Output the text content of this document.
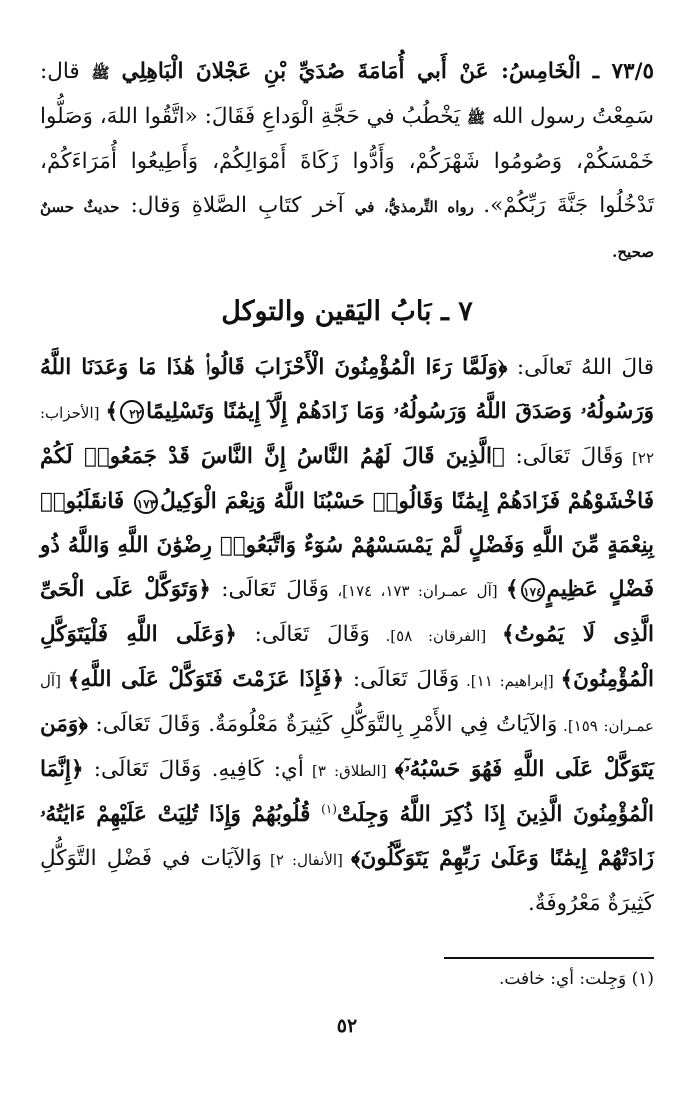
٧٣/٥ ـ الْخَامِسُ: عَنْ أَبي أُمَامَةَ صُدَيِّ بْنِ عَجْلانَ الْبَاهِلِي ﷺ قال: سَمِعْتُ رسول الله ﷺ يَخْطُبُ في حَجَّةِ الْوَداعِ فَقَالَ: «اتَّقُوا اللهَ، وَصَلُّوا خَمْسَكُمْ، وَصُومُوا شَهْرَكُمْ، وَأَدُّوا زَكَاةَ أَمْوَالِكُمْ، وَأَطِيعُوا أُمَرَاءَكُمْ، تَدْخُلُوا جَنَّةَ رَبِّكُمْ». رواه التِّرمذيُّ، في آخر كتَابِ الصَّلاةِ وَقال: حديثٌ حسنٌ صحيح.

٧ ـ بَابُ اليَقين والتوكل

قالَ اللهُ تَعالَى: ﴿وَلَمَّا رَءَا الْمُؤْمِنُونَ الْأَحْزَابَ قَالُوا۟ هَٰذَا مَا وَعَدَنَا اللَّهُ وَرَسُولُهُۥ وَصَدَقَ اللَّهُ وَرَسُولُهُۥ وَمَا زَادَهُمْ إِلَّآ إِيمَٰنًا وَتَسْلِيمًا٢٢﴾ [الأحزاب: ٢٢] وَقَالَ تَعَالَى: ﴿الَّذِينَ قَالَ لَهُمُ النَّاسُ إِنَّ النَّاسَ قَدْ جَمَعُوا۟ لَكُمْ فَاخْشَوْهُمْ فَزَادَهُمْ إِيمَٰنًا وَقَالُوا۟ حَسْبُنَا اللَّهُ وَنِعْمَ الْوَكِيلُ١٧٣ فَانقَلَبُوا۟ بِنِعْمَةٍ مِّنَ اللَّهِ وَفَضْلٍ لَّمْ يَمْسَسْهُمْ سُوٓءٌ وَاتَّبَعُوا۟ رِضْوَٰنَ اللَّهِ وَاللَّهُ ذُو فَضْلٍ عَظِيمٍ١٧٤﴾ [آل عمـران: ١٧٣، ١٧٤]، وَقَالَ تَعَالَى: ﴿وَتَوَكَّلْ عَلَى الْحَىِّ الَّذِى لَا يَمُوتُ﴾ [الفرقان: ٥٨]. وَقَالَ تَعَالَى: ﴿وَعَلَى اللَّهِ فَلْيَتَوَكَّلِ الْمُؤْمِنُونَ﴾ [إبراهيم: ١١]. وَقَالَ تَعَالَى: ﴿فَإِذَا عَزَمْتَ فَتَوَكَّلْ عَلَى اللَّهِ﴾ [آل عمـران: ١٥٩]. وَالآيَاتُ فِي الأَمْرِ بِالتَّوَكُّلِ كَثِيرَةٌ مَعْلُومَةٌ. وَقَالَ تَعَالَى: ﴿وَمَن يَتَوَكَّلْ عَلَى اللَّهِ فَهُوَ حَسْبُهُۥٓ﴾ [الطلاق: ٣] أي: كَافِيهِ. وَقَالَ تَعَالَى: ﴿إِنَّمَا الْمُؤْمِنُونَ الَّذِينَ إِذَا ذُكِرَ اللَّهُ وَجِلَتْ$^{(١)}$ قُلُوبُهُمْ وَإِذَا تُلِيَتْ عَلَيْهِمْ ءَايَٰتُهُۥ زَادَتْهُمْ إِيمَٰنًا وَعَلَىٰ رَبِّهِمْ يَتَوَكَّلُونَ﴾ [الأنفال: ٢] وَالآيَات في فَضْلِ التَّوَكُّلِ كَثِيرَةٌ مَعْرُوفَةٌ.

(١) وَجِلت: أي: خافت.
٥٢
